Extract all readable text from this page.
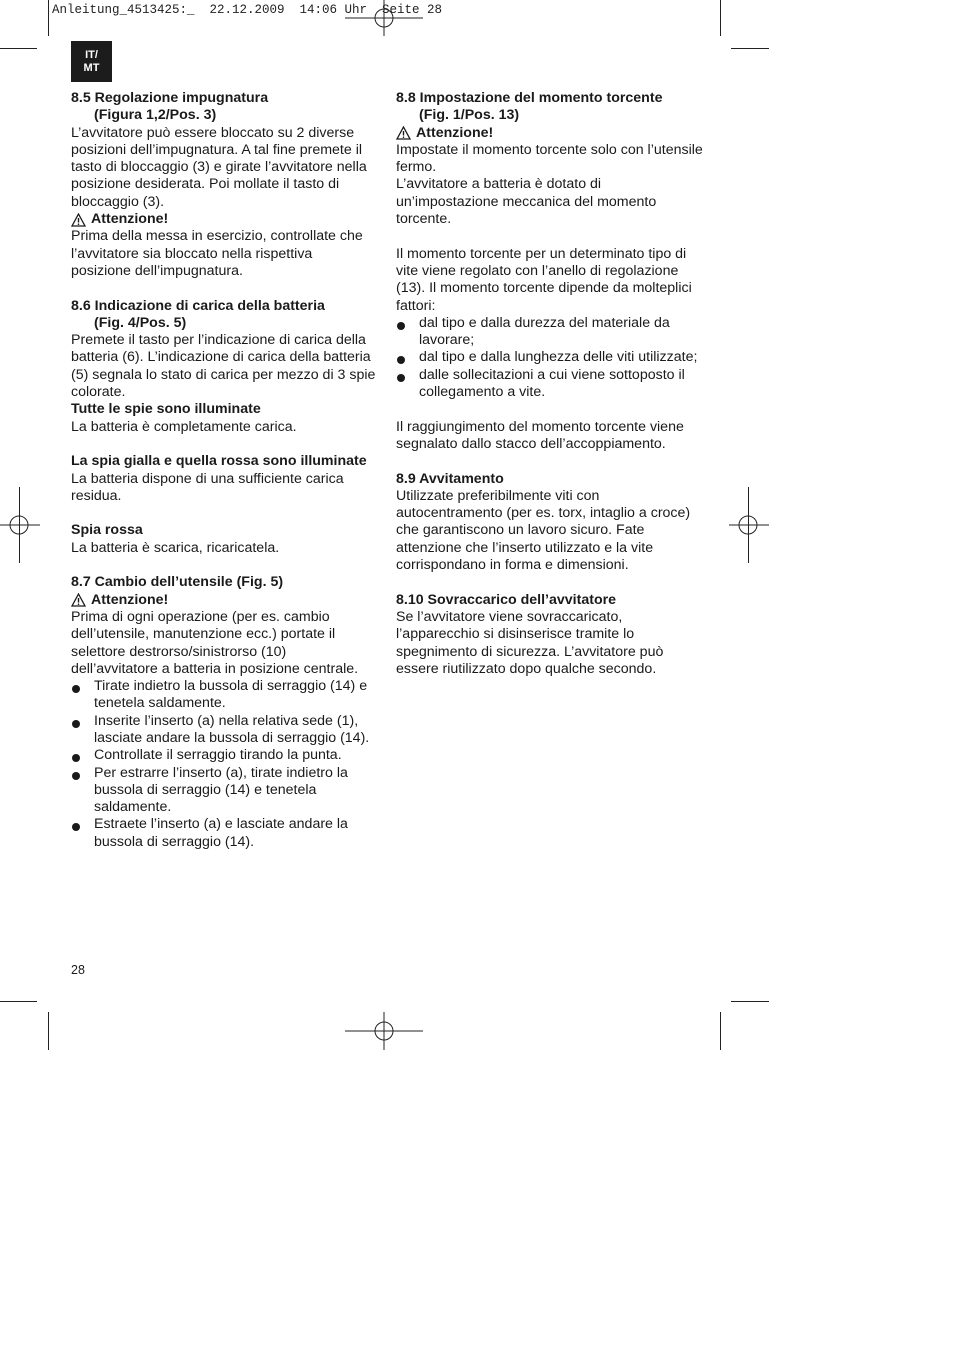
Anleitung_4513425:_  22.12.2009  14:06 Uhr  Seite 28
IT/
MT

8.5 Regolazione impugnatura
(Figura 1,2/Pos. 3)

L’avvitatore può essere bloccato su 2 diverse posizioni dell’impugnatura. A tal fine premete il tasto di bloccaggio (3) e girate l’avvitatore nella posizione desiderata. Poi mollate il tasto di bloccaggio (3).

Attenzione!

Prima della messa in esercizio, controllate che l’avvitatore sia bloccato nella rispettiva posizione dell’impugnatura.

8.6 Indicazione di carica della batteria
(Fig. 4/Pos. 5)

Premete il tasto per l’indicazione di carica della batteria (6). L’indicazione di carica della batteria (5) segnala lo stato di carica per mezzo di 3 spie colorate.

Tutte le spie sono illuminate

La batteria è completamente carica.

La spia gialla e quella rossa sono illuminate

La batteria dispone di una sufficiente carica residua.

Spia rossa

La batteria è scarica, ricaricatela.

8.7 Cambio dell’utensile (Fig. 5)

Attenzione!

Prima di ogni operazione (per es. cambio dell’utensile, manutenzione ecc.) portate il selettore destrorso/sinistrorso (10) dell’avvitatore a batteria in posizione centrale.

Tirate indietro la bussola di serraggio (14) e tenetela saldamente.
Inserite l’inserto (a) nella relativa sede (1), lasciate andare la bussola di serraggio (14).
Controllate il serraggio tirando la punta.
Per estrarre l’inserto (a), tirate indietro la bussola di serraggio (14) e tenetela saldamente.
Estraete l’inserto (a) e lasciate andare la bussola di serraggio (14).

8.8 Impostazione del momento torcente
(Fig. 1/Pos. 13)

Attenzione!

Impostate il momento torcente solo con l’utensile fermo.

L’avvitatore a batteria è dotato di un’impostazione meccanica del momento torcente.

Il momento torcente per un determinato tipo di vite viene regolato con l’anello di regolazione (13). Il momento torcente dipende da molteplici fattori:

dal tipo e dalla durezza del materiale da lavorare;
dal tipo e dalla lunghezza delle viti utilizzate;
dalle sollecitazioni a cui viene sottoposto il collegamento a vite.

Il raggiungimento del momento torcente viene segnalato dallo stacco dell’accoppiamento.

8.9 Avvitamento

Utilizzate preferibilmente viti con autocentramento (per es. torx, intaglio a croce) che garantiscono un lavoro sicuro. Fate attenzione che l’inserto utilizzato e la vite corrispondano in forma e dimensioni.

8.10 Sovraccarico dell’avvitatore

Se l’avvitatore viene sovraccaricato, l’apparecchio si disinserisce tramite lo spegnimento di sicurezza. L’avvitatore può essere riutilizzato dopo qualche secondo.

28
